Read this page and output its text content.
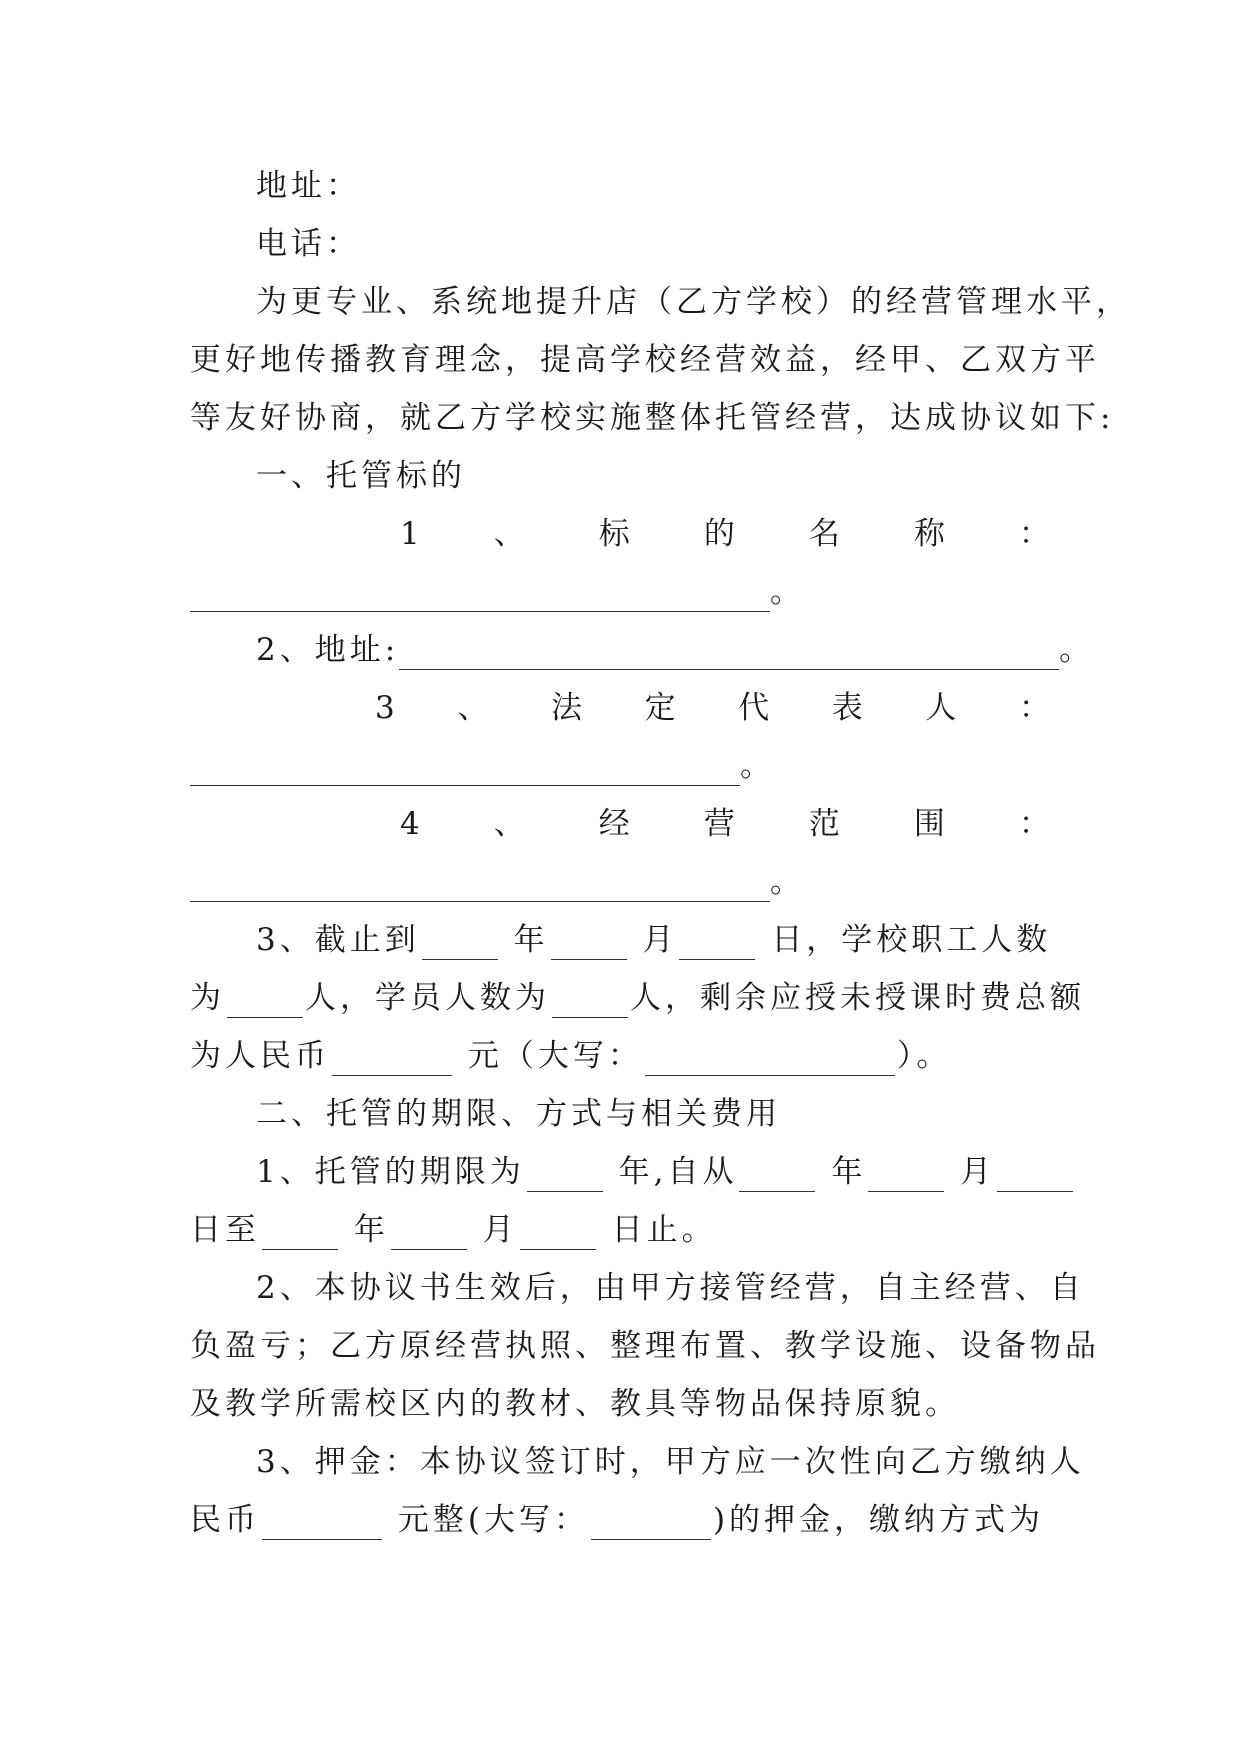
地址：
电话：
为更专业、系统地提升店（乙方学校）的经营管理水平，
更好地传播教育理念，提高学校经营效益，经甲、乙双方平
等友好协商，就乙方学校实施整体托管经营，达成协议如下:
一、托管标的
1 、 标 的 名 称 ：
。
2、地址:	。
3 、 法 定 代 表 人 ：
。
4 、 经 营 范 围 ：
。
3、截止到	年	月	日，学校职工人数
为	人，学员人数为	人，剩余应授未授课时费总额
为人民币	元（大写：	）。
二、托管的期限、方式与相关费用
1、托管的期限为	年,自从	年	月
日至	年	月	日止。
2、本协议书生效后，由甲方接管经营，自主经营、自
负盈亏；乙方原经营执照、整理布置、教学设施、设备物品
及教学所需校区内的教材、教具等物品保持原貌。
3、押金：本协议签订时，甲方应一次性向乙方缴纳人
民币	元整(大写：	)的押金，缴纳方式为
